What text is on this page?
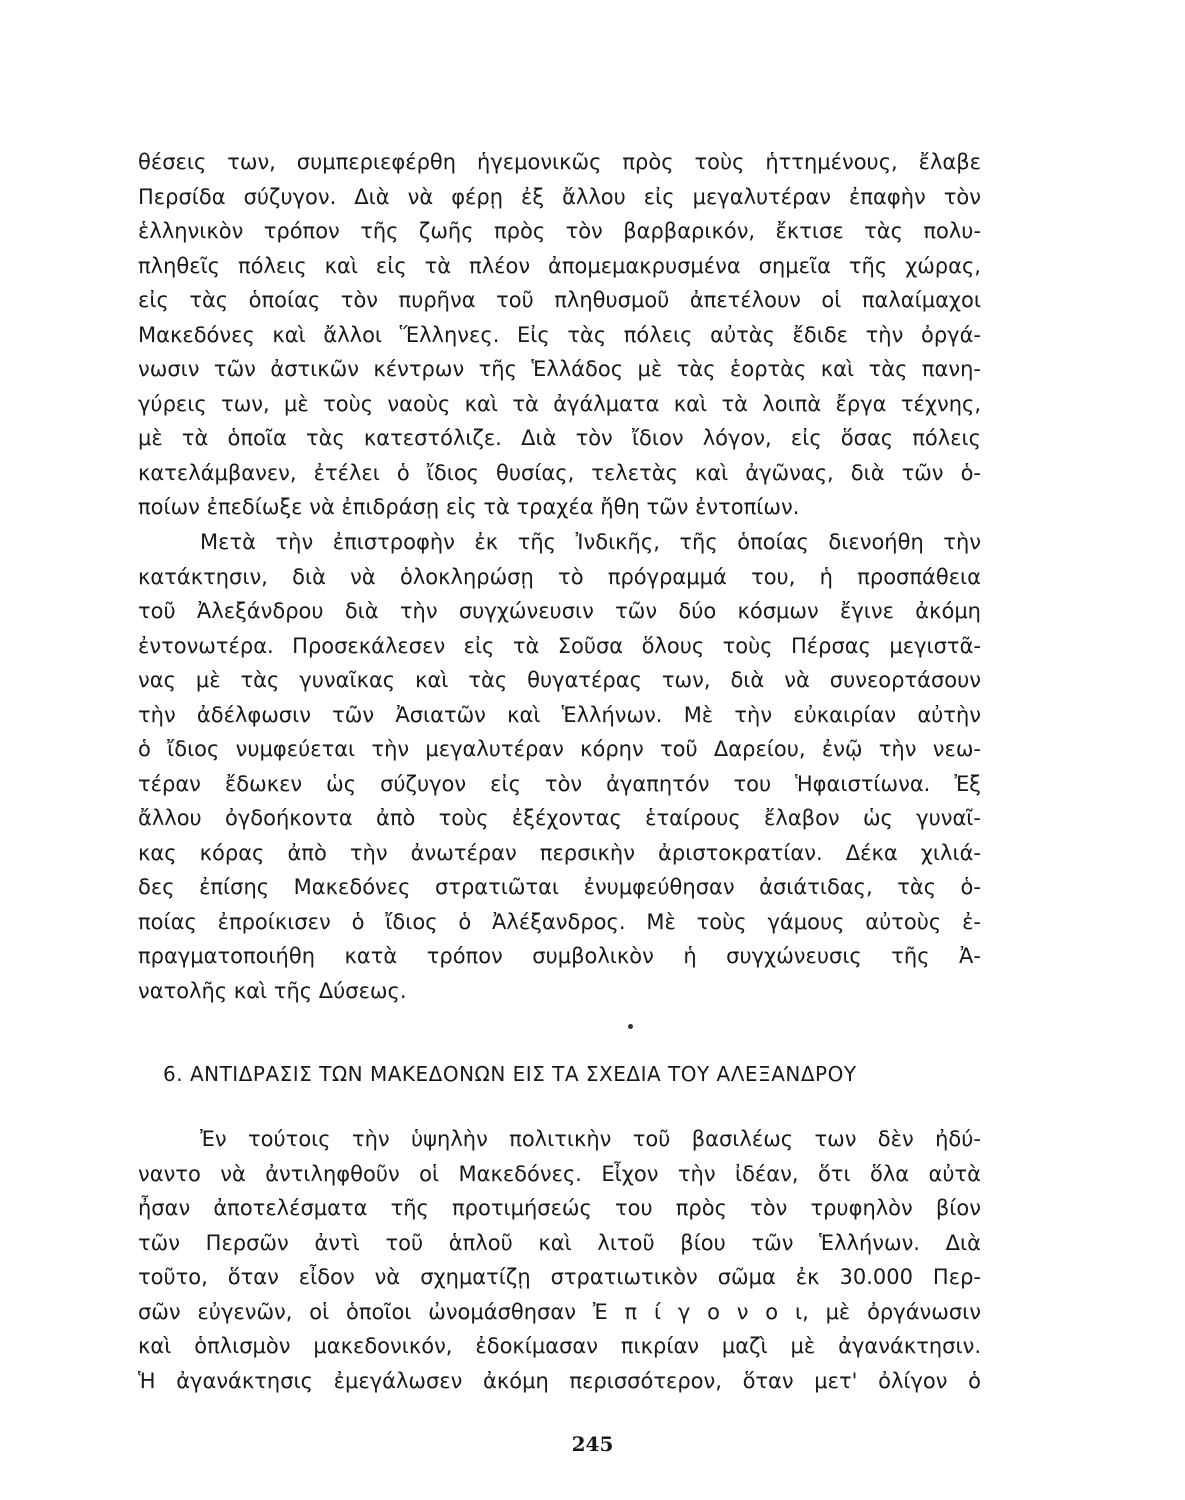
θέσεις των, συμπεριεφέρθη ἡγεμονικῶς πρὸς τοὺς ἡττημένους, ἔλαβε
Περσίδα σύζυγον. Διὰ νὰ φέρῃ ἐξ ἄλλου εἰς μεγαλυτέραν ἐπαφὴν τὸν
ἑλληνικὸν τρόπον τῆς ζωῆς πρὸς τὸν βαρβαρικόν, ἔκτισε τὰς πολυ-
πληθεῖς πόλεις καὶ εἰς τὰ πλέον ἀπομεμακρυσμένα σημεῖα τῆς χώρας,
εἰς τὰς ὁποίας τὸν πυρῆνα τοῦ πληθυσμοῦ ἀπετέλουν οἱ παλαίμαχοι
Μακεδόνες καὶ ἄλλοι Ἕλληνες. Εἰς τὰς πόλεις αὐτὰς ἔδιδε τὴν ὀργά-
νωσιν τῶν ἀστικῶν κέντρων τῆς Ἑλλάδος μὲ τὰς ἑορτὰς καὶ τὰς πανη-
γύρεις των, μὲ τοὺς ναοὺς καὶ τὰ ἀγάλματα καὶ τὰ λοιπὰ ἔργα τέχνης,
μὲ τὰ ὁποῖα τὰς κατεστόλιζε. Διὰ τὸν ἴδιον λόγον, εἰς ὅσας πόλεις
κατελάμβανεν, ἐτέλει ὁ ἴδιος θυσίας, τελετὰς καὶ ἀγῶνας, διὰ τῶν ὁ-
ποίων ἐπεδίωξε νὰ ἐπιδράσῃ εἰς τὰ τραχέα ἤθη τῶν ἐντοπίων.
Μετὰ τὴν ἐπιστροφὴν ἐκ τῆς Ἰνδικῆς, τῆς ὁποίας διενοήθη τὴν
κατάκτησιν, διὰ νὰ ὁλοκληρώσῃ τὸ πρόγραμμά του, ἡ προσπάθεια
τοῦ Ἀλεξάνδρου διὰ τὴν συγχώνευσιν τῶν δύο κόσμων ἔγινε ἀκόμη
ἐντονωτέρα. Προσεκάλεσεν εἰς τὰ Σοῦσα ὅλους τοὺς Πέρσας μεγιστᾶ-
νας μὲ τὰς γυναῖκας καὶ τὰς θυγατέρας των, διὰ νὰ συνεορτάσουν
τὴν ἀδέλφωσιν τῶν Ἀσιατῶν καὶ Ἑλλήνων. Μὲ τὴν εὐκαιρίαν αὐτὴν
ὁ ἴδιος νυμφεύεται τὴν μεγαλυτέραν κόρην τοῦ Δαρείου, ἐνῷ τὴν νεω-
τέραν ἔδωκεν ὡς σύζυγον εἰς τὸν ἀγαπητόν του Ἡφαιστίωνα. Ἐξ
ἄλλου ὀγδοήκοντα ἀπὸ τοὺς ἐξέχοντας ἑταίρους ἔλαβον ὡς γυναῖ-
κας κόρας ἀπὸ τὴν ἀνωτέραν περσικὴν ἀριστοκρατίαν. Δέκα χιλιά-
δες ἐπίσης Μακεδόνες στρατιῶται ἐνυμφεύθησαν ἀσιάτιδας, τὰς ὁ-
ποίας ἐπροίκισεν ὁ ἴδιος ὁ Ἀλέξανδρος. Μὲ τοὺς γάμους αὐτοὺς ἐ-
πραγματοποιήθη κατὰ τρόπον συμβολικὸν ἡ συγχώνευσις τῆς Ἀ-
νατολῆς καὶ τῆς Δύσεως.
6. ΑΝΤΙΔΡΑΣΙΣ ΤΩΝ ΜΑΚΕΔΟΝΩΝ ΕΙΣ ΤΑ ΣΧΕΔΙΑ ΤΟΥ ΑΛΕΞΑΝΔΡΟΥ
Ἐν τούτοις τὴν ὑψηλὴν πολιτικὴν τοῦ βασιλέως των δὲν ἠδύ-
ναντο νὰ ἀντιληφθοῦν οἱ Μακεδόνες. Εἶχον τὴν ἰδέαν, ὅτι ὅλα αὐτὰ
ἦσαν ἀποτελέσματα τῆς προτιμήσεώς του πρὸς τὸν τρυφηλὸν βίον
τῶν Περσῶν ἀντὶ τοῦ ἁπλοῦ καὶ λιτοῦ βίου τῶν Ἑλλήνων. Διὰ
τοῦτο, ὅταν εἶδον νὰ σχηματίζῃ στρατιωτικὸν σῶμα ἐκ 30.000 Περ-
σῶν εὐγενῶν, οἱ ὁποῖοι ὠνομάσθησαν Ἐ π ί γ ο ν ο ι, μὲ ὀργάνωσιν
καὶ ὁπλισμὸν μακεδονικόν, ἐδοκίμασαν πικρίαν μαζὶ μὲ ἀγανάκτησιν.
Ἡ ἀγανάκτησις ἐμεγάλωσεν ἀκόμη περισσότερον, ὅταν μετ' ὀλίγον ὁ
245
